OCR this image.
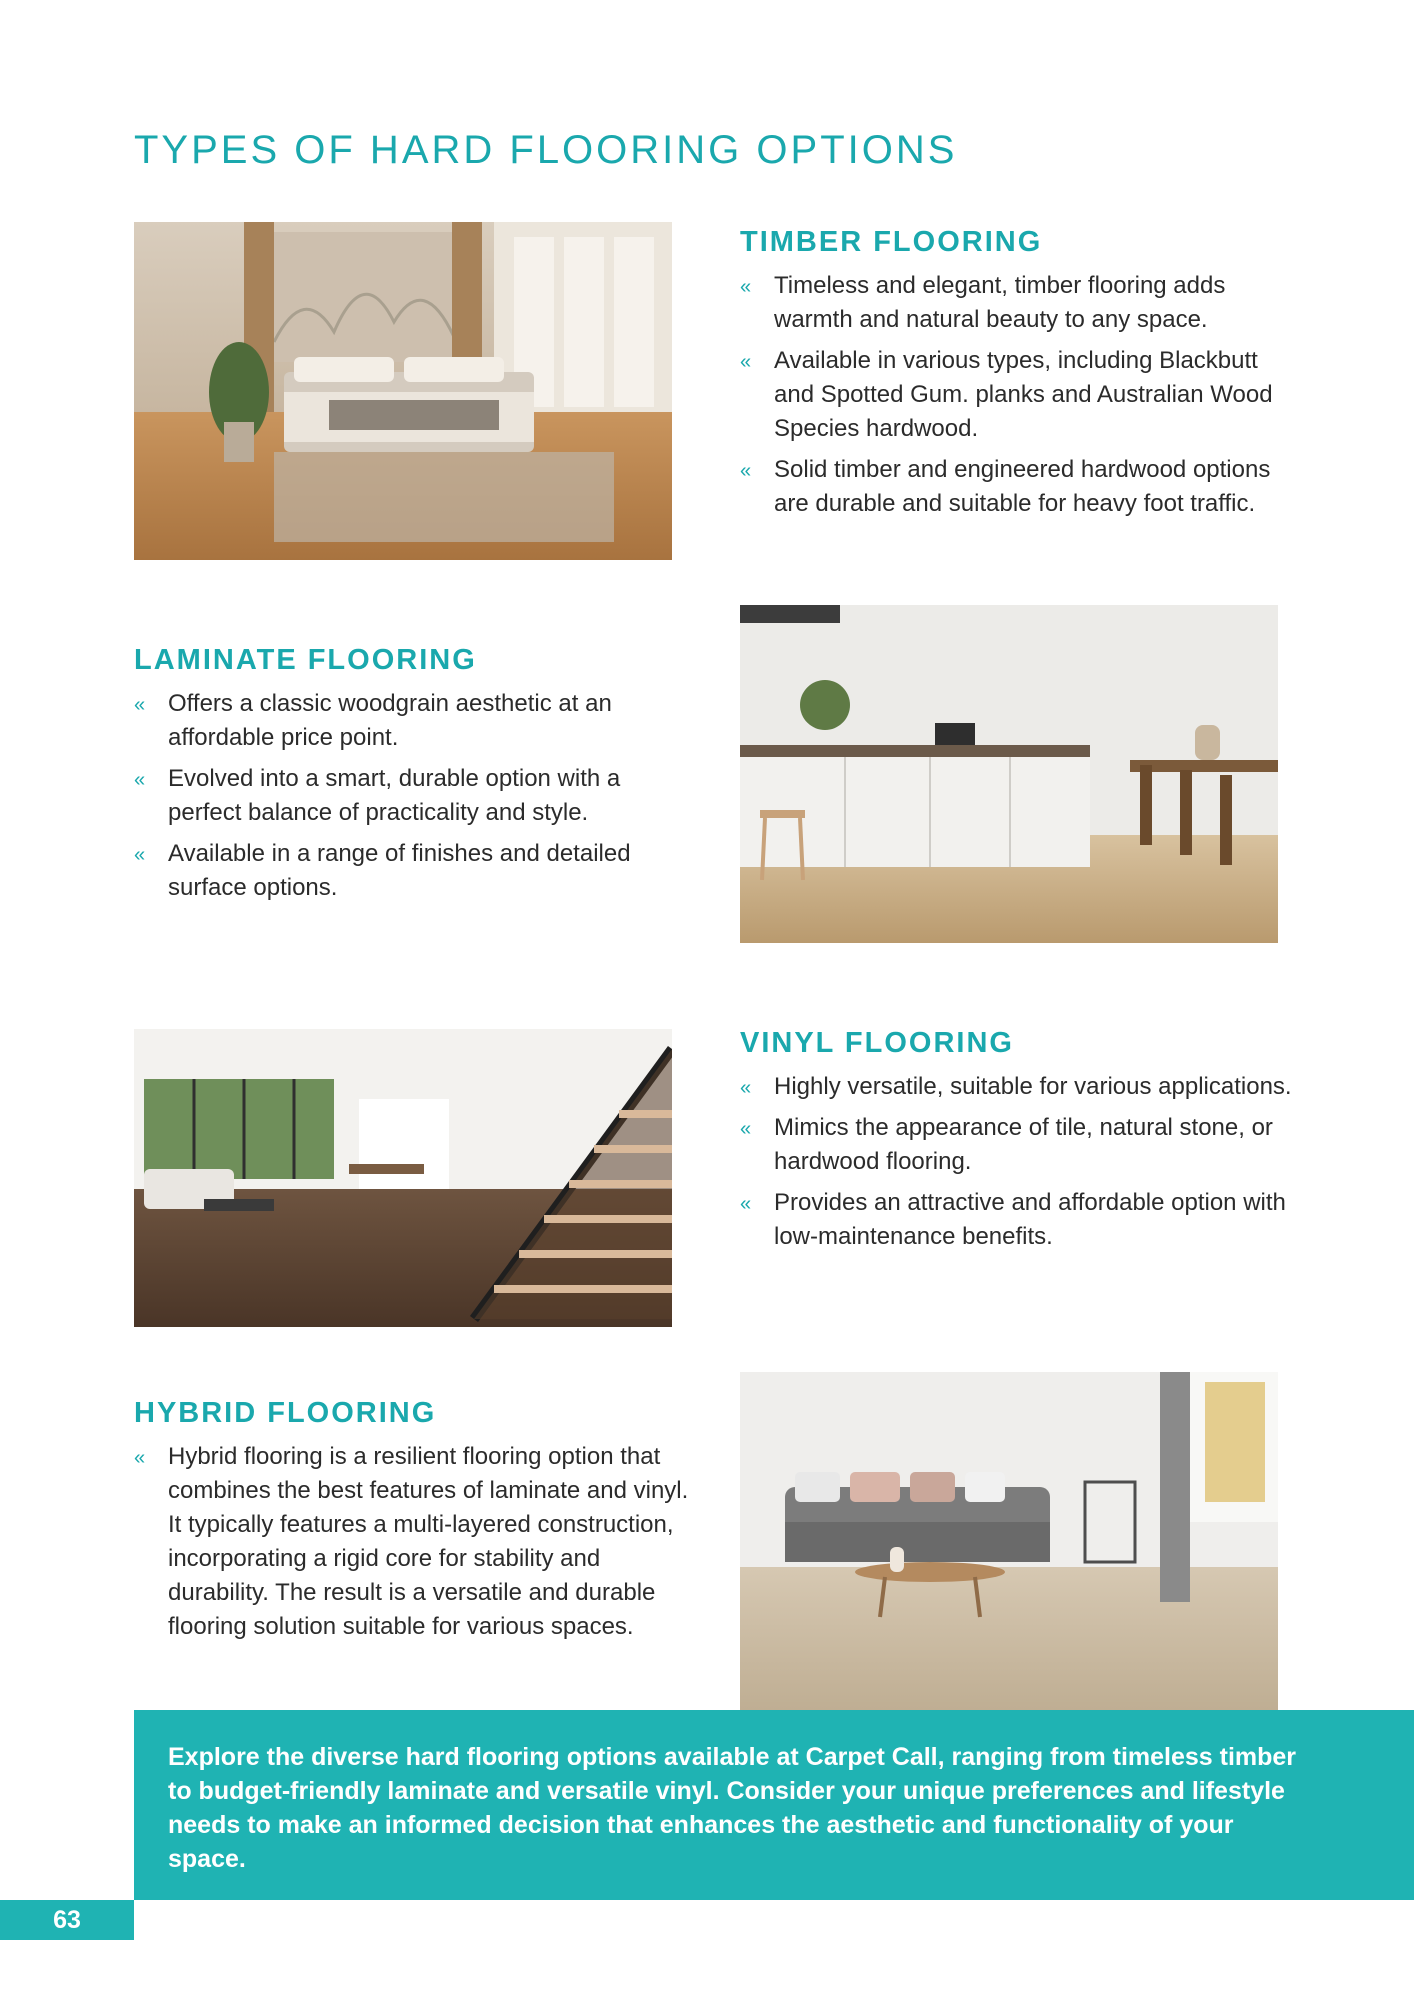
TYPES OF HARD FLOORING OPTIONS
TIMBER FLOORING
« Timeless and elegant, timber flooring adds warmth and natural beauty to any space.
« Available in various types, including Blackbutt and Spotted Gum. planks and Australian Wood Species hardwood.
« Solid timber and engineered hardwood options are durable and suitable for heavy foot traffic.
LAMINATE FLOORING
« Offers a classic woodgrain aesthetic at an affordable price point.
« Evolved into a smart, durable option with a perfect balance of practicality and style.
« Available in a range of finishes and detailed surface options.
VINYL FLOORING
« Highly versatile, suitable for various applications.
« Mimics the appearance of tile, natural stone, or hardwood flooring.
« Provides an attractive and affordable option with low-maintenance benefits.
HYBRID FLOORING
« Hybrid flooring is a resilient flooring option that combines the best features of laminate and vinyl. It typically features a multi-layered construction, incorporating a rigid core for stability and durability. The result is a versatile and durable flooring solution suitable for various spaces.

Explore the diverse hard flooring options available at Carpet Call, ranging from timeless timber to budget-friendly laminate and versatile vinyl. Consider your unique preferences and lifestyle needs to make an informed decision that enhances the aesthetic and functionality of your space.

63
